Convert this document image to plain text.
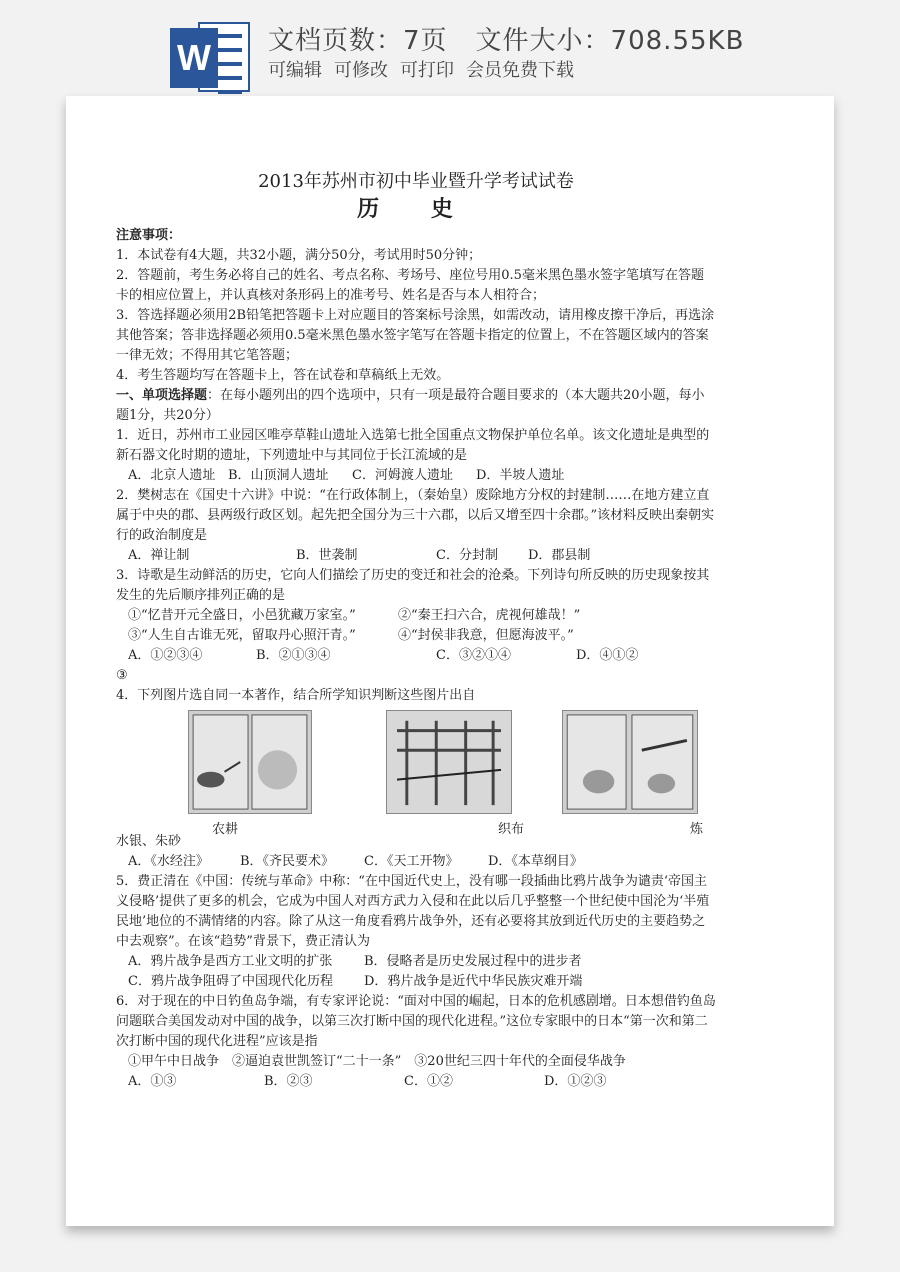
W 文档页数：7页 文件大小：708.55KB
可编辑 可修改 可打印 会员免费下载

2013年苏州市初中毕业暨升学考试试卷

历 史

注意事项：

1．本试卷有4大题，共32小题，满分50分，考试用时50分钟；

2．答题前，考生务必将自己的姓名、考点名称、考场号、座位号用0.5毫米黑色墨水签字笔填写在答题卡的相应位置上，并认真核对条形码上的准考号、姓名是否与本人相符合；

3．答选择题必须用2B铅笔把答题卡上对应题目的答案标号涂黑，如需改动，请用橡皮擦干净后，再选涂其他答案；答非选择题必须用0.5毫米黑色墨水签字笔写在答题卡指定的位置上，不在答题区域内的答案一律无效；不得用其它笔答题；

4．考生答题均写在答题卡上，答在试卷和草稿纸上无效。

一、单项选择题：在每小题列出的四个选项中，只有一项是最符合题目要求的（本大题共20小题，每小题1分，共20分）

1．近日，苏州市工业园区唯亭草鞋山遗址入选第七批全国重点文物保护单位名单。该文化遗址是典型的新石器文化时期的遗址，下列遗址中与其同位于长江流域的是

A．北京人遗址 B．山顶洞人遗址	C．河姆渡人遗址	D．半坡人遗址

2．樊树志在《国史十六讲》中说：“在行政体制上，（秦始皇）废除地方分权的封建制……在地方建立直属于中央的郡、县两级行政区划。起先把全国分为三十六郡，以后又增至四十余郡。”该材料反映出秦朝实行的政治制度是

A．禅让制	B．世袭制	C．分封制	D．郡县制

3．诗歌是生动鲜活的历史，它向人们描绘了历史的变迁和社会的沧桑。下列诗句所反映的历史现象按其发生的先后顺序排列正确的是

①“忆昔开元全盛日，小邑犹藏万家室。”	②“秦王扫六合，虎视何雄哉！”
③“人生自古谁无死，留取丹心照汗青。”	④“封侯非我意，但愿海波平。”
A．①②③④	B．②①③④	C．③②①④	D．④①②

③

4．下列图片选自同一本著作，结合所学知识判断这些图片出自

农耕	织布	炼

水银、朱砂

A．《水经注》	B．《齐民要术》	C．《天工开物》	D．《本草纲目》

5．费正清在《中国：传统与革命》中称：“在中国近代史上，没有哪一段插曲比鸦片战争为谴责‘帝国主义侵略’提供了更多的机会，它成为中国人对西方武力入侵和在此以后几乎整整一个世纪使中国沦为‘半殖民地’地位的不满情绪的内容。除了从这一角度看鸦片战争外，还有必要将其放到近代历史的主要趋势之中去观察”。在该“趋势”背景下，费正清认为

A．鸦片战争是西方工业文明的扩张	B．侵略者是历史发展过程中的进步者
C．鸦片战争阻碍了中国现代化历程	D．鸦片战争是近代中华民族灾难开端

6．对于现在的中日钓鱼岛争端，有专家评论说：“面对中国的崛起，日本的危机感剧增。日本想借钓鱼岛问题联合美国发动对中国的战争，以第三次打断中国的现代化进程。”这位专家眼中的日本“第一次和第二次打断中国的现代化进程”应该是指

①甲午中日战争　②逼迫袁世凯签订“二十一条”　③20世纪三四十年代的全面侵华战争

A．①③	B．②③	C．①②	D．①②③
